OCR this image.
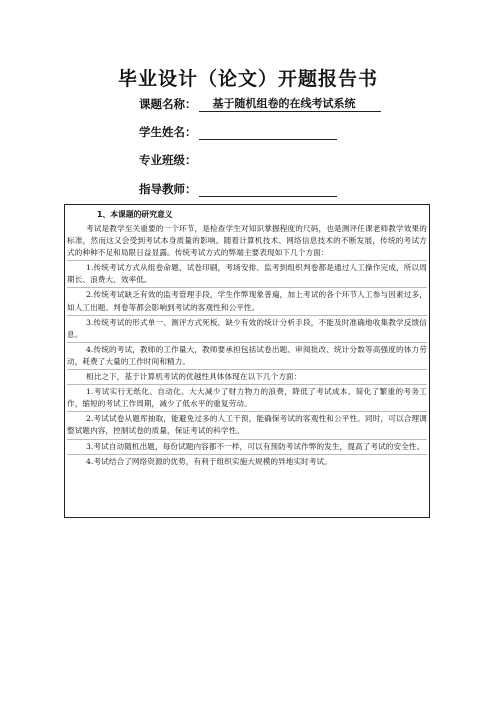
毕业设计（论文）开题报告书
课题名称：	基于随机组卷的在线考试系统
学生姓名：
专业班级：
指导教师：
1、本课题的研究意义

考试是教学至关重要的一个环节，是检查学生对知识掌握程度的尺码，也是测评任课老师教学效果的标准，然而这又会受到考试本身质量的影响。随着计算机技术、网络信息技术的不断发展，传统的考试方式的种种不足和局限日益显露。传统考试方式的弊端主要表现如下几个方面：

1.传统考试方式从组卷命题、试卷印刷，考场安排、监考到组织判卷都是通过人工操作完成，所以周期长、浪费大、效率低。

2.传统考试缺乏有效的监考管理手段，学生作弊现象普遍，加上考试的各个环节人工参与因素过多，如人工出题、判卷等都会影响到考试的客观性和公平性。

3.传统考试的形式单一、测评方式死板，缺少有效的统计分析手段，不能及时准确地收集教学反馈信息。

4.传统的考试，教师的工作量大，教师要承担包括试卷出题、审阅批改、统计分数等高强度的体力劳动，耗费了大量的工作时间和精力。

相比之下，基于计算机考试的优越性具体体现在以下几个方面：

1.考试实行无纸化、自动化。大大减少了财力物力的浪费，降低了考试成本。简化了繁重的考务工作，缩短的考试工作周期，减少了低水平的重复劳动。

2.考试试卷从题库抽取，能避免过多的人工干预，能确保考试的客观性和公平性。同时，可以合理调整试题内容，控制试卷的质量，保证考试的科学性。

3.考试自动随机出题，每份试题内容都不一样，可以有预防考试作弊的发生，提高了考试的安全性。

4.考试结合了网络资源的优势，有利于组织实施大规模的异地实时考试。
